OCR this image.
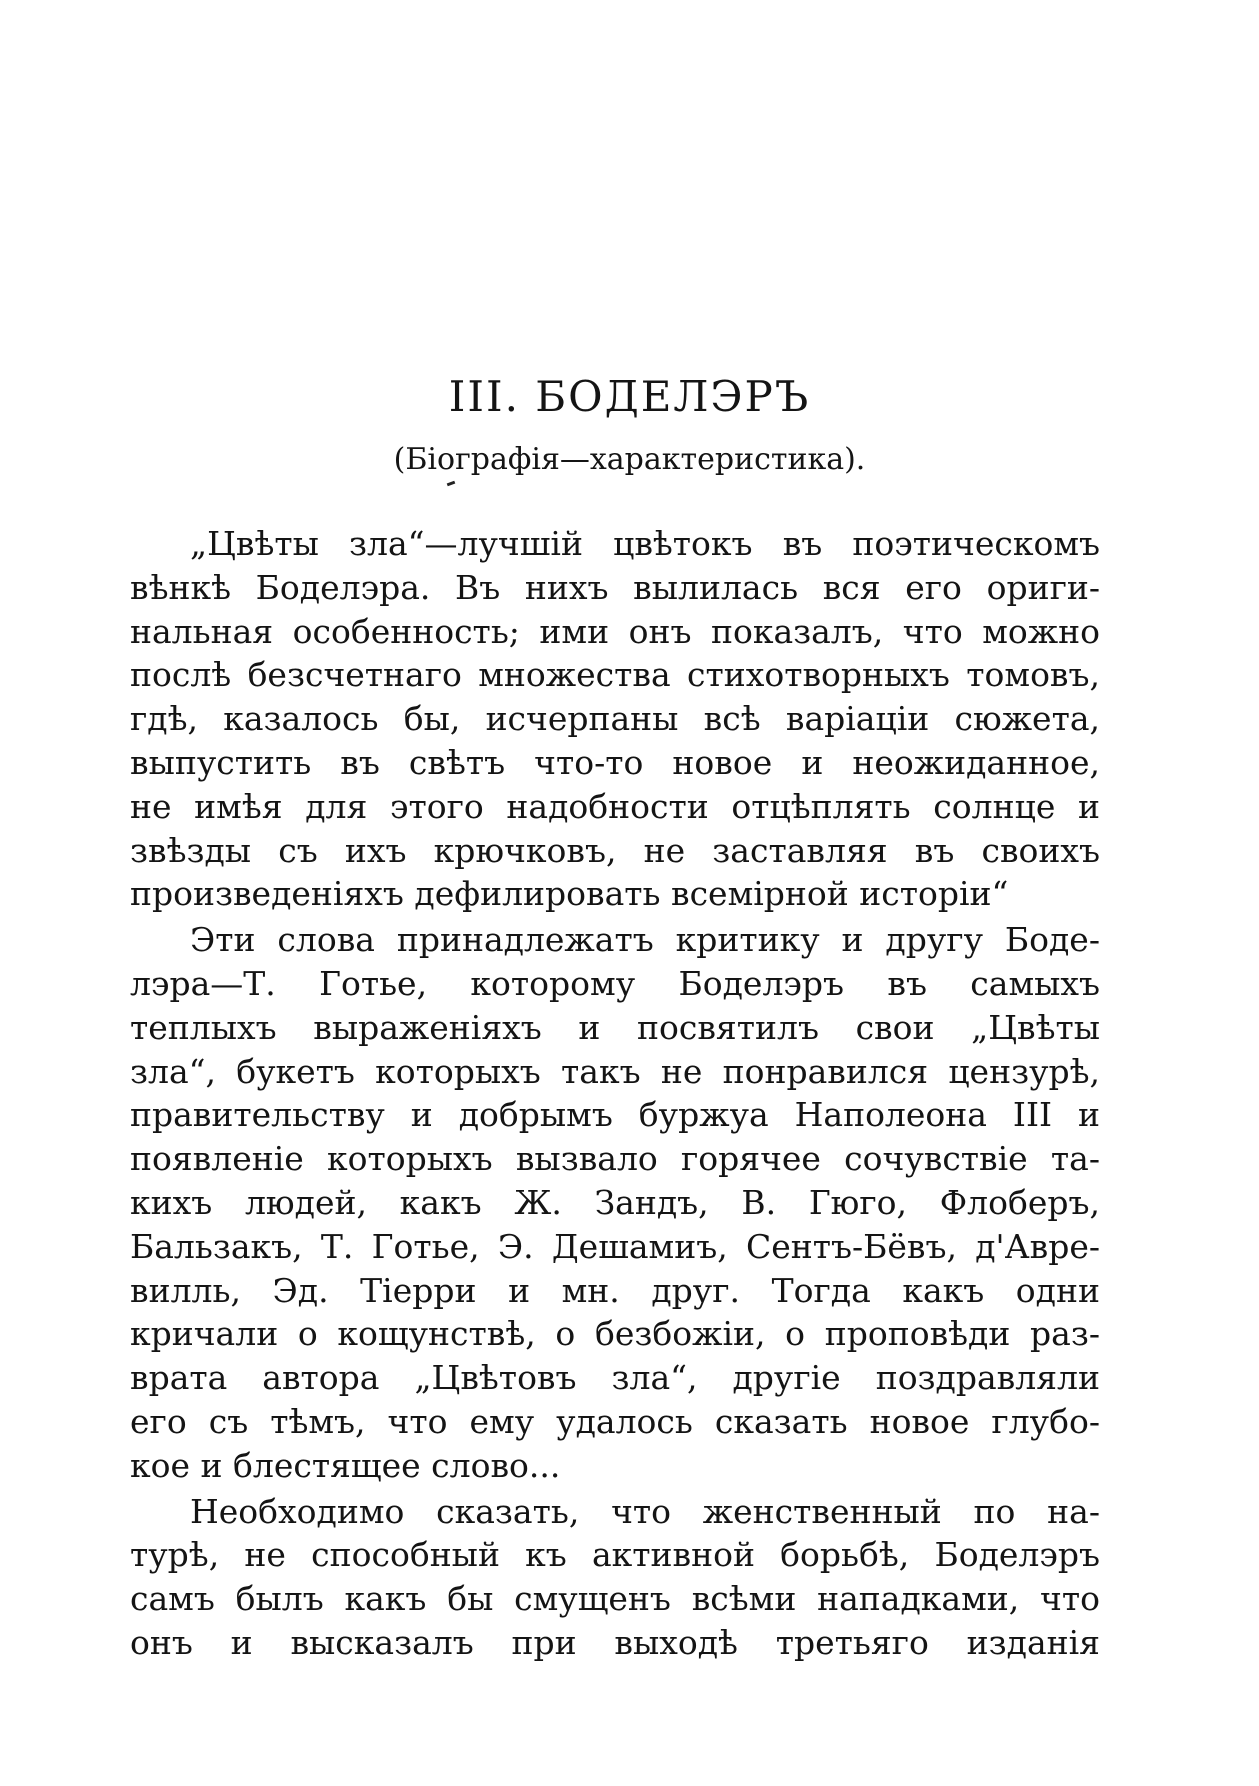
III. БОДЕЛЭРЪ
(Біографія—характеристика).
„Цвѣты зла“—лучшій цвѣтокъ въ поэтическомъ
вѣнкѣ Боделэра. Въ нихъ вылилась вся его ориги-
нальная особенность; ими онъ показалъ, что можно
послѣ безсчетнаго множества стихотворныхъ томовъ,
гдѣ, казалось бы, исчерпаны всѣ варіаціи сюжета,
выпустить въ свѣтъ что-то новое и неожиданное,
не имѣя для этого надобности отцѣплять солнце и
звѣзды съ ихъ крючковъ, не заставляя въ своихъ
произведеніяхъ дефилировать всемірной исторіи“
Эти слова принадлежатъ критику и другу Боде-
лэра—Т. Готье, которому Боделэръ въ самыхъ
теплыхъ выраженіяхъ и посвятилъ свои „Цвѣты
зла“, букетъ которыхъ такъ не понравился цензурѣ,
правительству и добрымъ буржуа Наполеона III и
появленіе которыхъ вызвало горячее сочувствіе та-
кихъ людей, какъ Ж. Зандъ, В. Гюго, Флоберъ,
Бальзакъ, Т. Готье, Э. Дешамиъ, Сентъ-Бёвъ, д'Авре-
вилль, Эд. Тіерри и мн. друг. Тогда какъ одни
кричали о кощунствѣ, о безбожіи, о проповѣди раз-
врата автора „Цвѣтовъ зла“, другіе поздравляли
его съ тѣмъ, что ему удалось сказать новое глубо-
кое и блестящее слово...
Необходимо сказать, что женственный по на-
турѣ, не способный къ активной борьбѣ, Боделэръ
самъ былъ какъ бы смущенъ всѣми нападками, что
онъ и высказалъ при выходѣ третьяго изданія
